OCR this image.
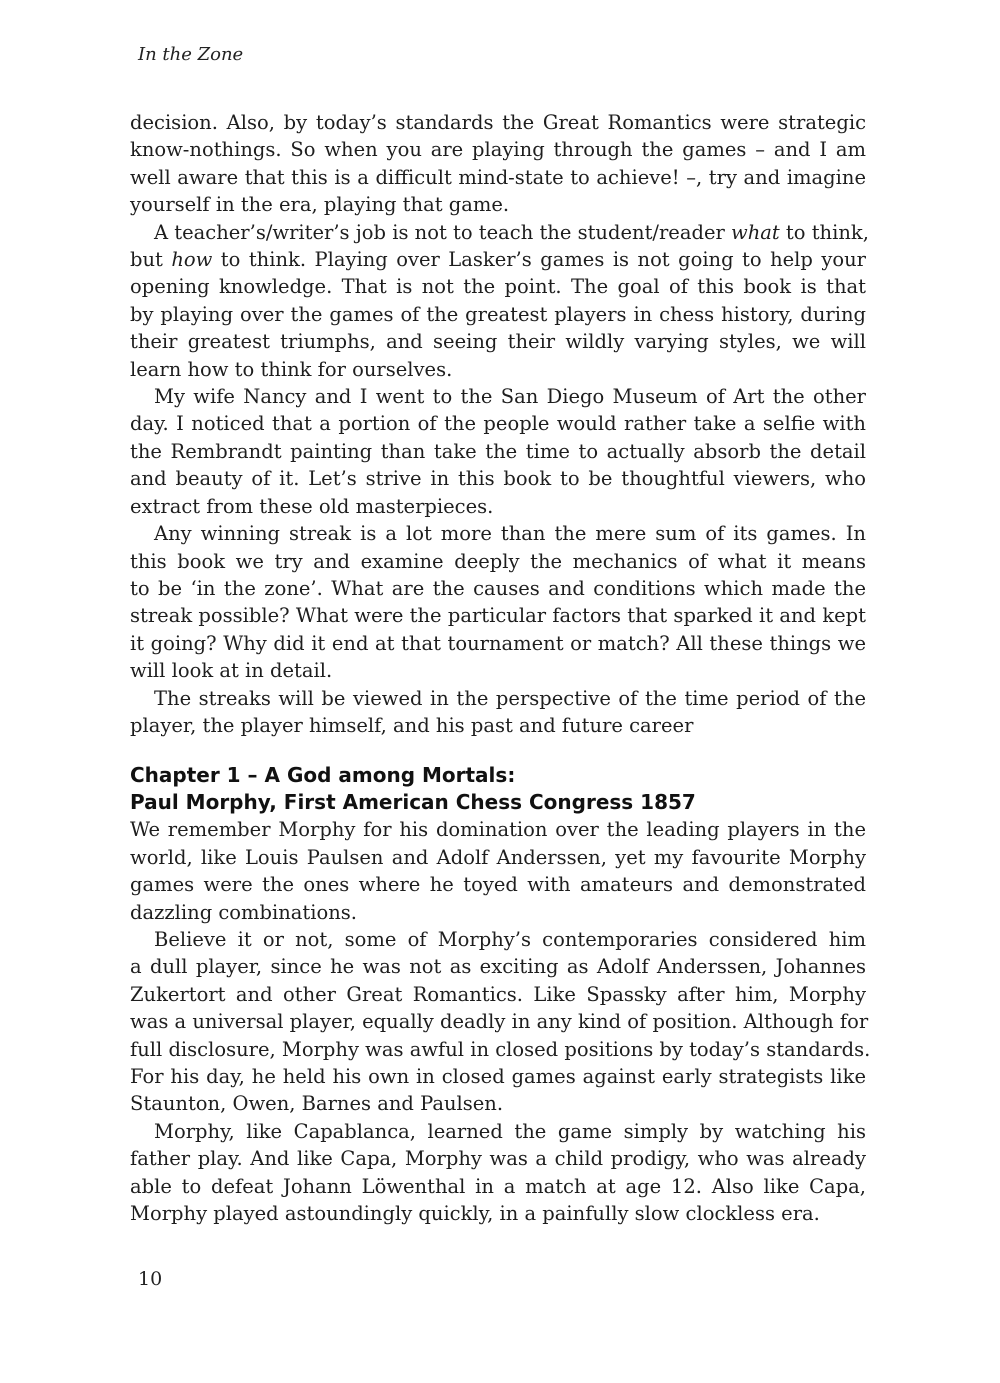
In the Zone
decision. Also, by today’s standards the Great Romantics were strategic
know-nothings. So when you are playing through the games – and I am
well aware that this is a difficult mind-state to achieve! –, try and imagine
yourself in the era, playing that game.
A teacher’s/writer’s job is not to teach the student/reader what to think,
but how to think. Playing over Lasker’s games is not going to help your
opening knowledge. That is not the point. The goal of this book is that
by playing over the games of the greatest players in chess history, during
their greatest triumphs, and seeing their wildly varying styles, we will
learn how to think for ourselves.
My wife Nancy and I went to the San Diego Museum of Art the other
day. I noticed that a portion of the people would rather take a selfie with
the Rembrandt painting than take the time to actually absorb the detail
and beauty of it. Let’s strive in this book to be thoughtful viewers, who
extract from these old masterpieces.
Any winning streak is a lot more than the mere sum of its games. In
this book we try and examine deeply the mechanics of what it means
to be ‘in the zone’. What are the causes and conditions which made the
streak possible? What were the particular factors that sparked it and kept
it going? Why did it end at that tournament or match? All these things we
will look at in detail.
The streaks will be viewed in the perspective of the time period of the
player, the player himself, and his past and future career
Chapter 1 – A God among Mortals:
Paul Morphy, First American Chess Congress 1857
We remember Morphy for his domination over the leading players in the
world, like Louis Paulsen and Adolf Anderssen, yet my favourite Morphy
games were the ones where he toyed with amateurs and demonstrated
dazzling combinations.
Believe it or not, some of Morphy’s contemporaries considered him
a dull player, since he was not as exciting as Adolf Anderssen, Johannes
Zukertort and other Great Romantics. Like Spassky after him, Morphy
was a universal player, equally deadly in any kind of position. Although for
full disclosure, Morphy was awful in closed positions by today’s standards.
For his day, he held his own in closed games against early strategists like
Staunton, Owen, Barnes and Paulsen.
Morphy, like Capablanca, learned the game simply by watching his
father play. And like Capa, Morphy was a child prodigy, who was already
able to defeat Johann Löwenthal in a match at age 12. Also like Capa,
Morphy played astoundingly quickly, in a painfully slow clockless era.
10
